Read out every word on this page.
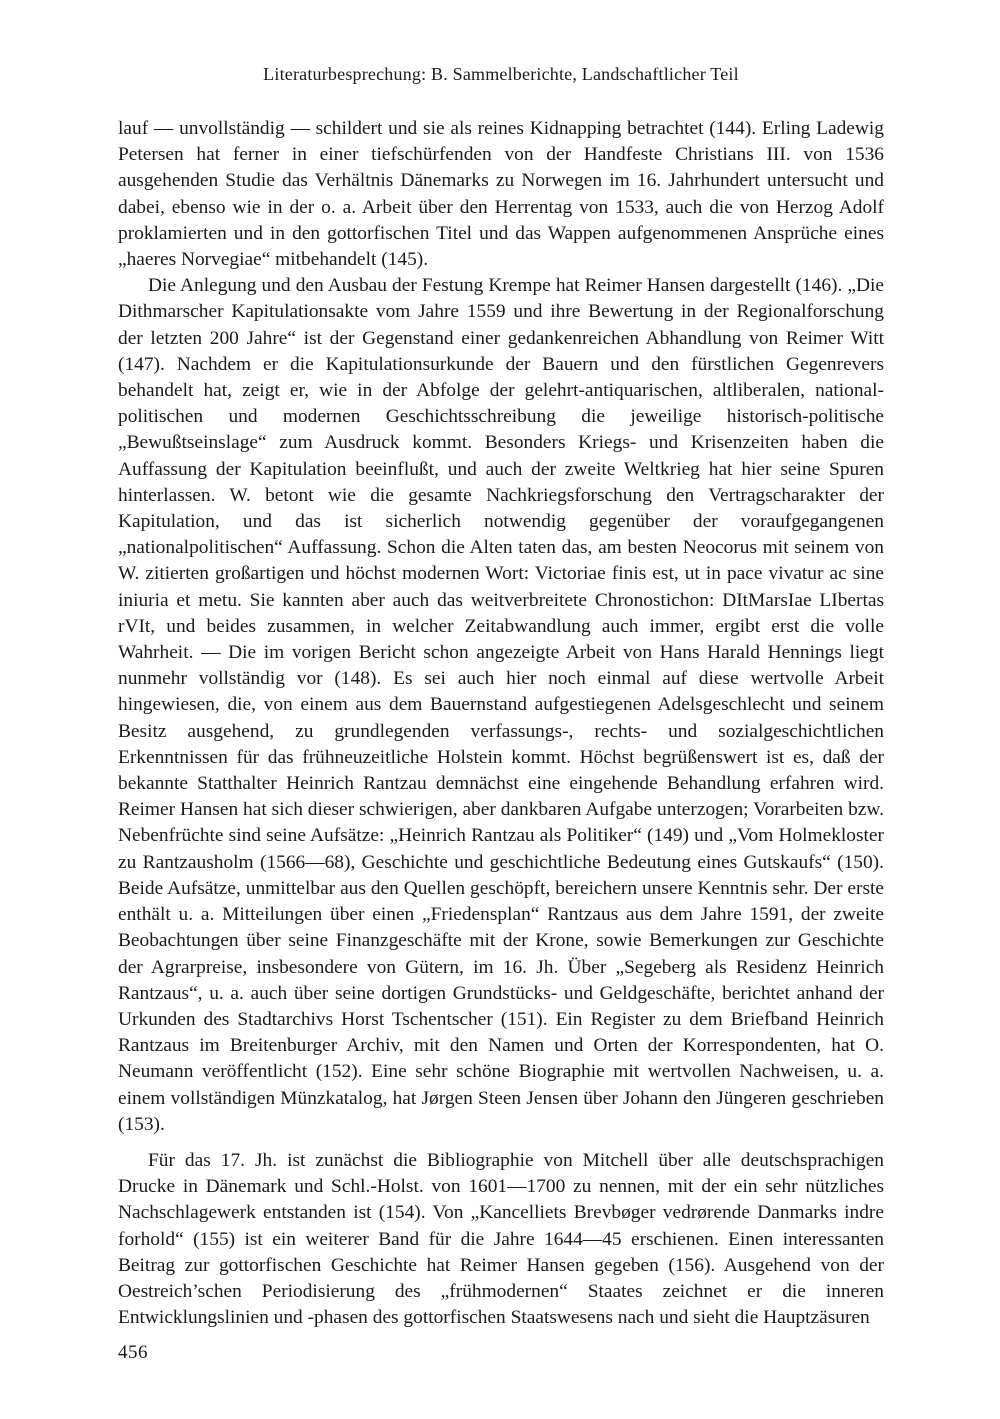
Literaturbesprechung: B. Sammelberichte, Landschaftlicher Teil

lauf — unvollständig — schildert und sie als reines Kidnapping betrachtet (144). Erling Ladewig Petersen hat ferner in einer tiefschürfenden von der Handfeste Christians III. von 1536 ausgehenden Studie das Verhältnis Dänemarks zu Norwegen im 16. Jahrhundert untersucht und dabei, ebenso wie in der o. a. Arbeit über den Herrentag von 1533, auch die von Herzog Adolf proklamierten und in den gottorfischen Titel und das Wappen aufgenommenen Ansprüche eines „haeres Norvegiae“ mitbehandelt (145).

Die Anlegung und den Ausbau der Festung Krempe hat Reimer Hansen dargestellt (146). „Die Dithmarscher Kapitulationsakte vom Jahre 1559 und ihre Bewertung in der Regionalforschung der letzten 200 Jahre“ ist der Gegenstand einer gedankenreichen Abhandlung von Reimer Witt (147). Nachdem er die Kapitulationsurkunde der Bauern und den fürstlichen Gegenrevers behandelt hat, zeigt er, wie in der Abfolge der gelehrt-antiquarischen, altliberalen, national-politischen und modernen Geschichtsschreibung die jeweilige historisch-politische „Bewußtseinslage“ zum Ausdruck kommt. Besonders Kriegs- und Krisenzeiten haben die Auffassung der Kapitulation beeinflußt, und auch der zweite Weltkrieg hat hier seine Spuren hinterlassen. W. betont wie die gesamte Nachkriegsforschung den Vertragscharakter der Kapitulation, und das ist sicherlich notwendig gegenüber der voraufgegangenen „nationalpolitischen“ Auffassung. Schon die Alten taten das, am besten Neocorus mit seinem von W. zitierten großartigen und höchst modernen Wort: Victoriae finis est, ut in pace vivatur ac sine iniuria et metu. Sie kannten aber auch das weitverbreitete Chronostichon: DItMarsIae LIbertas rVIt, und beides zusammen, in welcher Zeitabwandlung auch immer, ergibt erst die volle Wahrheit. — Die im vorigen Bericht schon angezeigte Arbeit von Hans Harald Hennings liegt nunmehr vollständig vor (148). Es sei auch hier noch einmal auf diese wertvolle Arbeit hingewiesen, die, von einem aus dem Bauernstand aufgestiegenen Adelsgeschlecht und seinem Besitz ausgehend, zu grundlegenden verfassungs-, rechts- und sozialgeschichtlichen Erkenntnissen für das frühneuzeitliche Holstein kommt. Höchst begrüßenswert ist es, daß der bekannte Statthalter Heinrich Rantzau demnächst eine eingehende Behandlung erfahren wird. Reimer Hansen hat sich dieser schwierigen, aber dankbaren Aufgabe unterzogen; Vorarbeiten bzw. Nebenfrüchte sind seine Aufsätze: „Heinrich Rantzau als Politiker“ (149) und „Vom Holmekloster zu Rantzausholm (1566—68), Geschichte und geschichtliche Bedeutung eines Gutskaufs“ (150). Beide Aufsätze, unmittelbar aus den Quellen geschöpft, bereichern unsere Kenntnis sehr. Der erste enthält u. a. Mitteilungen über einen „Friedensplan“ Rantzaus aus dem Jahre 1591, der zweite Beobachtungen über seine Finanzgeschäfte mit der Krone, sowie Bemerkungen zur Geschichte der Agrarpreise, insbesondere von Gütern, im 16. Jh. Über „Segeberg als Residenz Heinrich Rantzaus“, u. a. auch über seine dortigen Grundstücks- und Geldgeschäfte, berichtet anhand der Urkunden des Stadtarchivs Horst Tschentscher (151). Ein Register zu dem Briefband Heinrich Rantzaus im Breitenburger Archiv, mit den Namen und Orten der Korrespondenten, hat O. Neumann veröffentlicht (152). Eine sehr schöne Biographie mit wertvollen Nachweisen, u. a. einem vollständigen Münzkatalog, hat Jørgen Steen Jensen über Johann den Jüngeren geschrieben (153).

Für das 17. Jh. ist zunächst die Bibliographie von Mitchell über alle deutschsprachigen Drucke in Dänemark und Schl.-Holst. von 1601—1700 zu nennen, mit der ein sehr nützliches Nachschlagewerk entstanden ist (154). Von „Kancelliets Brevbøger vedrørende Danmarks indre forhold“ (155) ist ein weiterer Band für die Jahre 1644—45 erschienen. Einen interessanten Beitrag zur gottorfischen Geschichte hat Reimer Hansen gegeben (156). Ausgehend von der Oestreich’schen Periodisierung des „frühmodernen“ Staates zeichnet er die inneren Entwicklungslinien und -phasen des gottorfischen Staatswesens nach und sieht die Hauptzäsuren

456
